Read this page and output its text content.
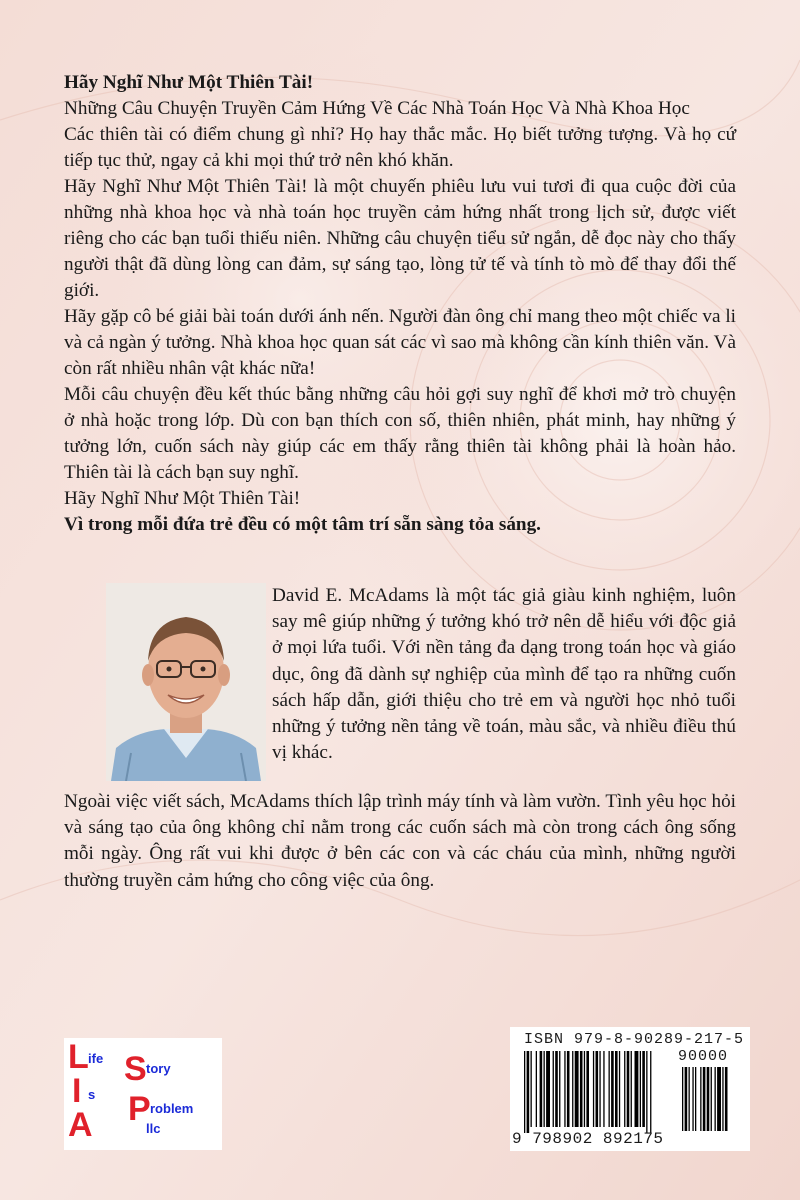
Hãy Nghĩ Như Một Thiên Tài!

Những Câu Chuyện Truyền Cảm Hứng Về Các Nhà Toán Học Và Nhà Khoa Học

Các thiên tài có điểm chung gì nhỉ? Họ hay thắc mắc. Họ biết tưởng tượng. Và họ cứ tiếp tục thử, ngay cả khi mọi thứ trở nên khó khăn.

Hãy Nghĩ Như Một Thiên Tài! là một chuyến phiêu lưu vui tươi đi qua cuộc đời của những nhà khoa học và nhà toán học truyền cảm hứng nhất trong lịch sử, được viết riêng cho các bạn tuổi thiếu niên. Những câu chuyện tiểu sử ngắn, dễ đọc này cho thấy người thật đã dùng lòng can đảm, sự sáng tạo, lòng tử tế và tính tò mò để thay đổi thế giới.

Hãy gặp cô bé giải bài toán dưới ánh nến. Người đàn ông chỉ mang theo một chiếc va li và cả ngàn ý tưởng. Nhà khoa học quan sát các vì sao mà không cần kính thiên văn. Và còn rất nhiều nhân vật khác nữa!

Mỗi câu chuyện đều kết thúc bằng những câu hỏi gợi suy nghĩ để khơi mở trò chuyện ở nhà hoặc trong lớp. Dù con bạn thích con số, thiên nhiên, phát minh, hay những ý tưởng lớn, cuốn sách này giúp các em thấy rằng thiên tài không phải là hoàn hảo. Thiên tài là cách bạn suy nghĩ.

Hãy Nghĩ Như Một Thiên Tài!

Vì trong mỗi đứa trẻ đều có một tâm trí sẵn sàng tỏa sáng.

David E. McAdams là một tác giả giàu kinh nghiệm, luôn say mê giúp những ý tưởng khó trở nên dễ hiểu với độc giả ở mọi lứa tuổi. Với nền tảng đa dạng trong toán học và giáo dục, ông đã dành sự nghiệp của mình để tạo ra những cuốn sách hấp dẫn, giới thiệu cho trẻ em và người học nhỏ tuổi những ý tưởng nền tảng về toán, màu sắc, và nhiều điều thú vị khác.

Ngoài việc viết sách, McAdams thích lập trình máy tính và làm vườn. Tình yêu học hỏi và sáng tạo của ông không chỉ nằm trong các cuốn sách mà còn trong cách ông sống mỗi ngày. Ông rất vui khi được ở bên các con và các cháu của mình, những người thường truyền cảm hứng cho công việc của ông.

L ife
I s
A
S tory
P roblem
llc
ISBN 979-8-90289-217-5
90000
9 798902 892175
